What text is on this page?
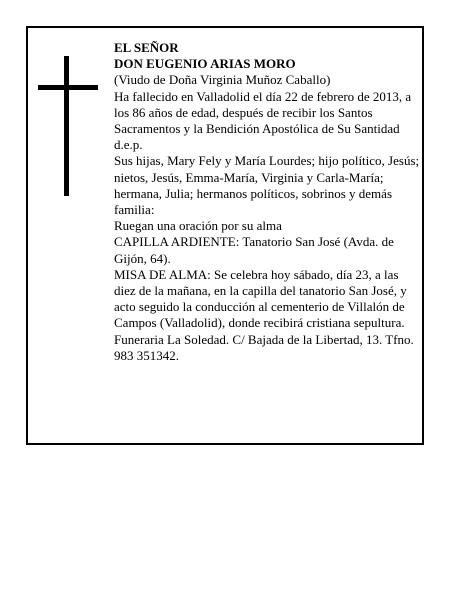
EL SEÑOR

DON EUGENIO ARIAS MORO

(Viudo de Doña Virginia Muñoz Caballo)

Ha fallecido en Valladolid el día 22 de febrero de 2013, a los 86 años de edad, después de recibir los Santos Sacramentos y la Bendición Apostólica de Su Santidad

d.e.p.

Sus hijas, Mary Fely y María Lourdes; hijo político, Jesús; nietos, Jesús, Emma-María, Virginia y Carla-María; hermana, Julia; hermanos políticos, sobrinos y demás familia:

Ruegan una oración por su alma

CAPILLA ARDIENTE: Tanatorio San José (Avda. de Gijón, 64).

MISA DE ALMA: Se celebra hoy sábado, día 23, a las diez de la mañana, en la capilla del tanatorio San José, y acto seguido la conducción al cementerio de Villalón de Campos (Valladolid), donde recibirá cristiana sepultura.

Funeraria La Soledad. C/ Bajada de la Libertad, 13. Tfno. 983 351342.
